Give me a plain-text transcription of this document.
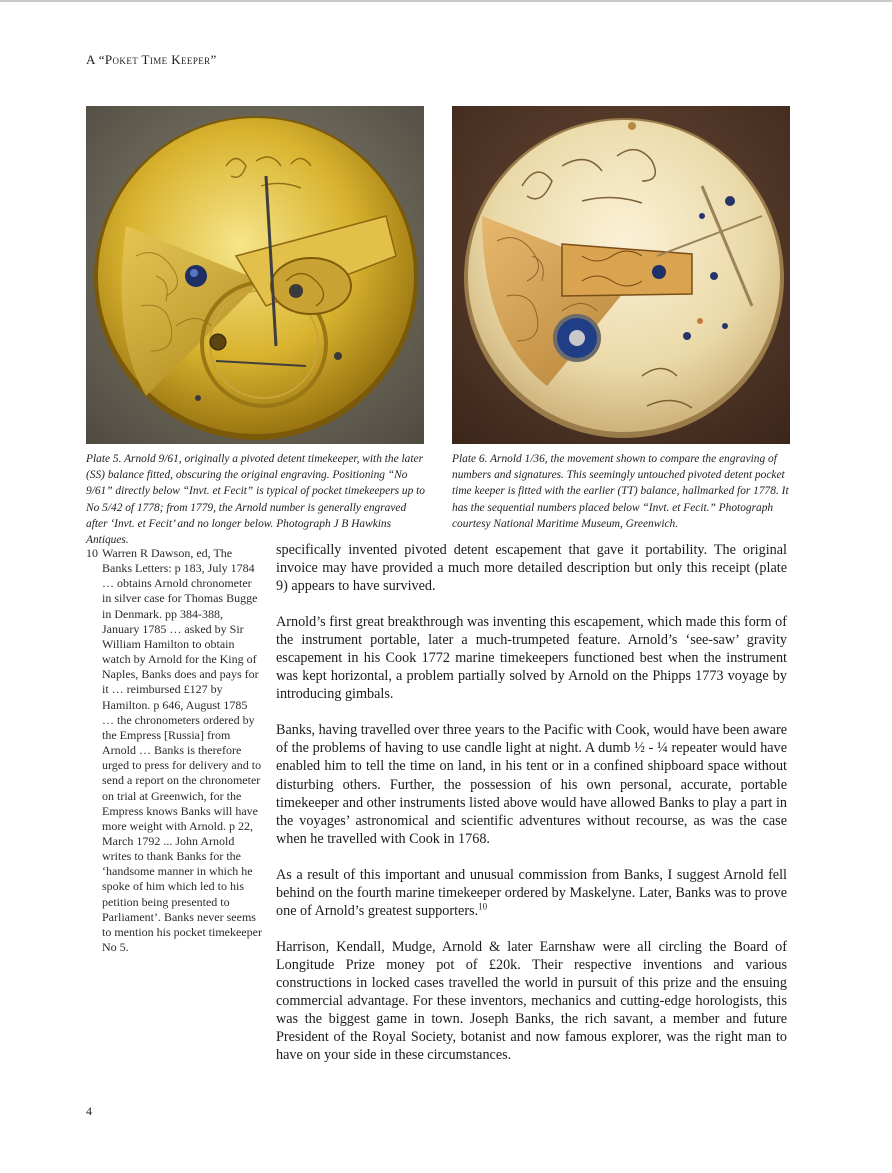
A “Poket Time Keeper”
Plate 5. Arnold 9/61, originally a pivoted detent timekeeper, with the later (SS) balance fitted, obscuring the original engraving. Positioning “No 9/61” directly below “Invt. et Fecit” is typical of pocket timekeepers up to No 5/42 of 1778; from 1779, the Arnold number is generally engraved after ‘Invt. et Fecit’ and no longer below. Photograph J B Hawkins Antiques.
Plate 6. Arnold 1/36, the movement shown to compare the engraving of numbers and signatures. This seemingly untouched pivoted detent pocket time keeper is fitted with the earlier (TT) balance, hallmarked for 1778. It has the sequential numbers placed below “Invt. et Fecit.” Photograph courtesy National Maritime Museum, Greenwich.
10 Warren R Dawson, ed, The Banks Letters: p 183, July 1784 … obtains Arnold chronometer in silver case for Thomas Bugge in Denmark. pp 384-388, January 1785 … asked by Sir William Hamilton to obtain watch by Arnold for the King of Naples, Banks does and pays for it … reimbursed £127 by Hamilton. p 646, August 1785 … the chronometers ordered by the Empress [Russia] from Arnold … Banks is therefore urged to press for delivery and to send a report on the chronometer on trial at Greenwich, for the Empress knows Banks will have more weight with Arnold. p 22, March 1792 ... John Arnold writes to thank Banks for the ‘handsome manner in which he spoke of him which led to his petition being presented to Parliament’. Banks never seems to mention his pocket timekeeper No 5.

specifically invented pivoted detent escapement that gave it portability. The original invoice may have provided a much more detailed description but only this receipt (plate 9) appears to have survived.

Arnold’s first great breakthrough was inventing this escapement, which made this form of the instrument portable, later a much-trumpeted feature. Arnold’s ‘see-saw’ gravity escapement in his Cook 1772 marine timekeepers functioned best when the instrument was kept horizontal, a problem partially solved by Arnold on the Phipps 1773 voyage by introducing gimbals.

Banks, having travelled over three years to the Pacific with Cook, would have been aware of the problems of having to use candle light at night. A dumb ½ - ¼ repeater would have enabled him to tell the time on land, in his tent or in a confined shipboard space without disturbing others. Further, the possession of his own personal, accurate, portable timekeeper and other instruments listed above would have allowed Banks to play a part in the voyages’ astronomical and scientific adventures without recourse, as was the case when he travelled with Cook in 1768.

As a result of this important and unusual commission from Banks, I suggest Arnold fell behind on the fourth marine timekeeper ordered by Maskelyne. Later, Banks was to prove one of Arnold’s greatest supporters.$^{10}$

Harrison, Kendall, Mudge, Arnold & later Earnshaw were all circling the Board of Longitude Prize money pot of £20k. Their respective inventions and various constructions in locked cases travelled the world in pursuit of this prize and the ensuing commercial advantage. For these inventors, mechanics and cutting-edge horologists, this was the biggest game in town. Joseph Banks, the rich savant, a member and future President of the Royal Society, botanist and now famous explorer, was the right man to have on your side in these circumstances.

4
